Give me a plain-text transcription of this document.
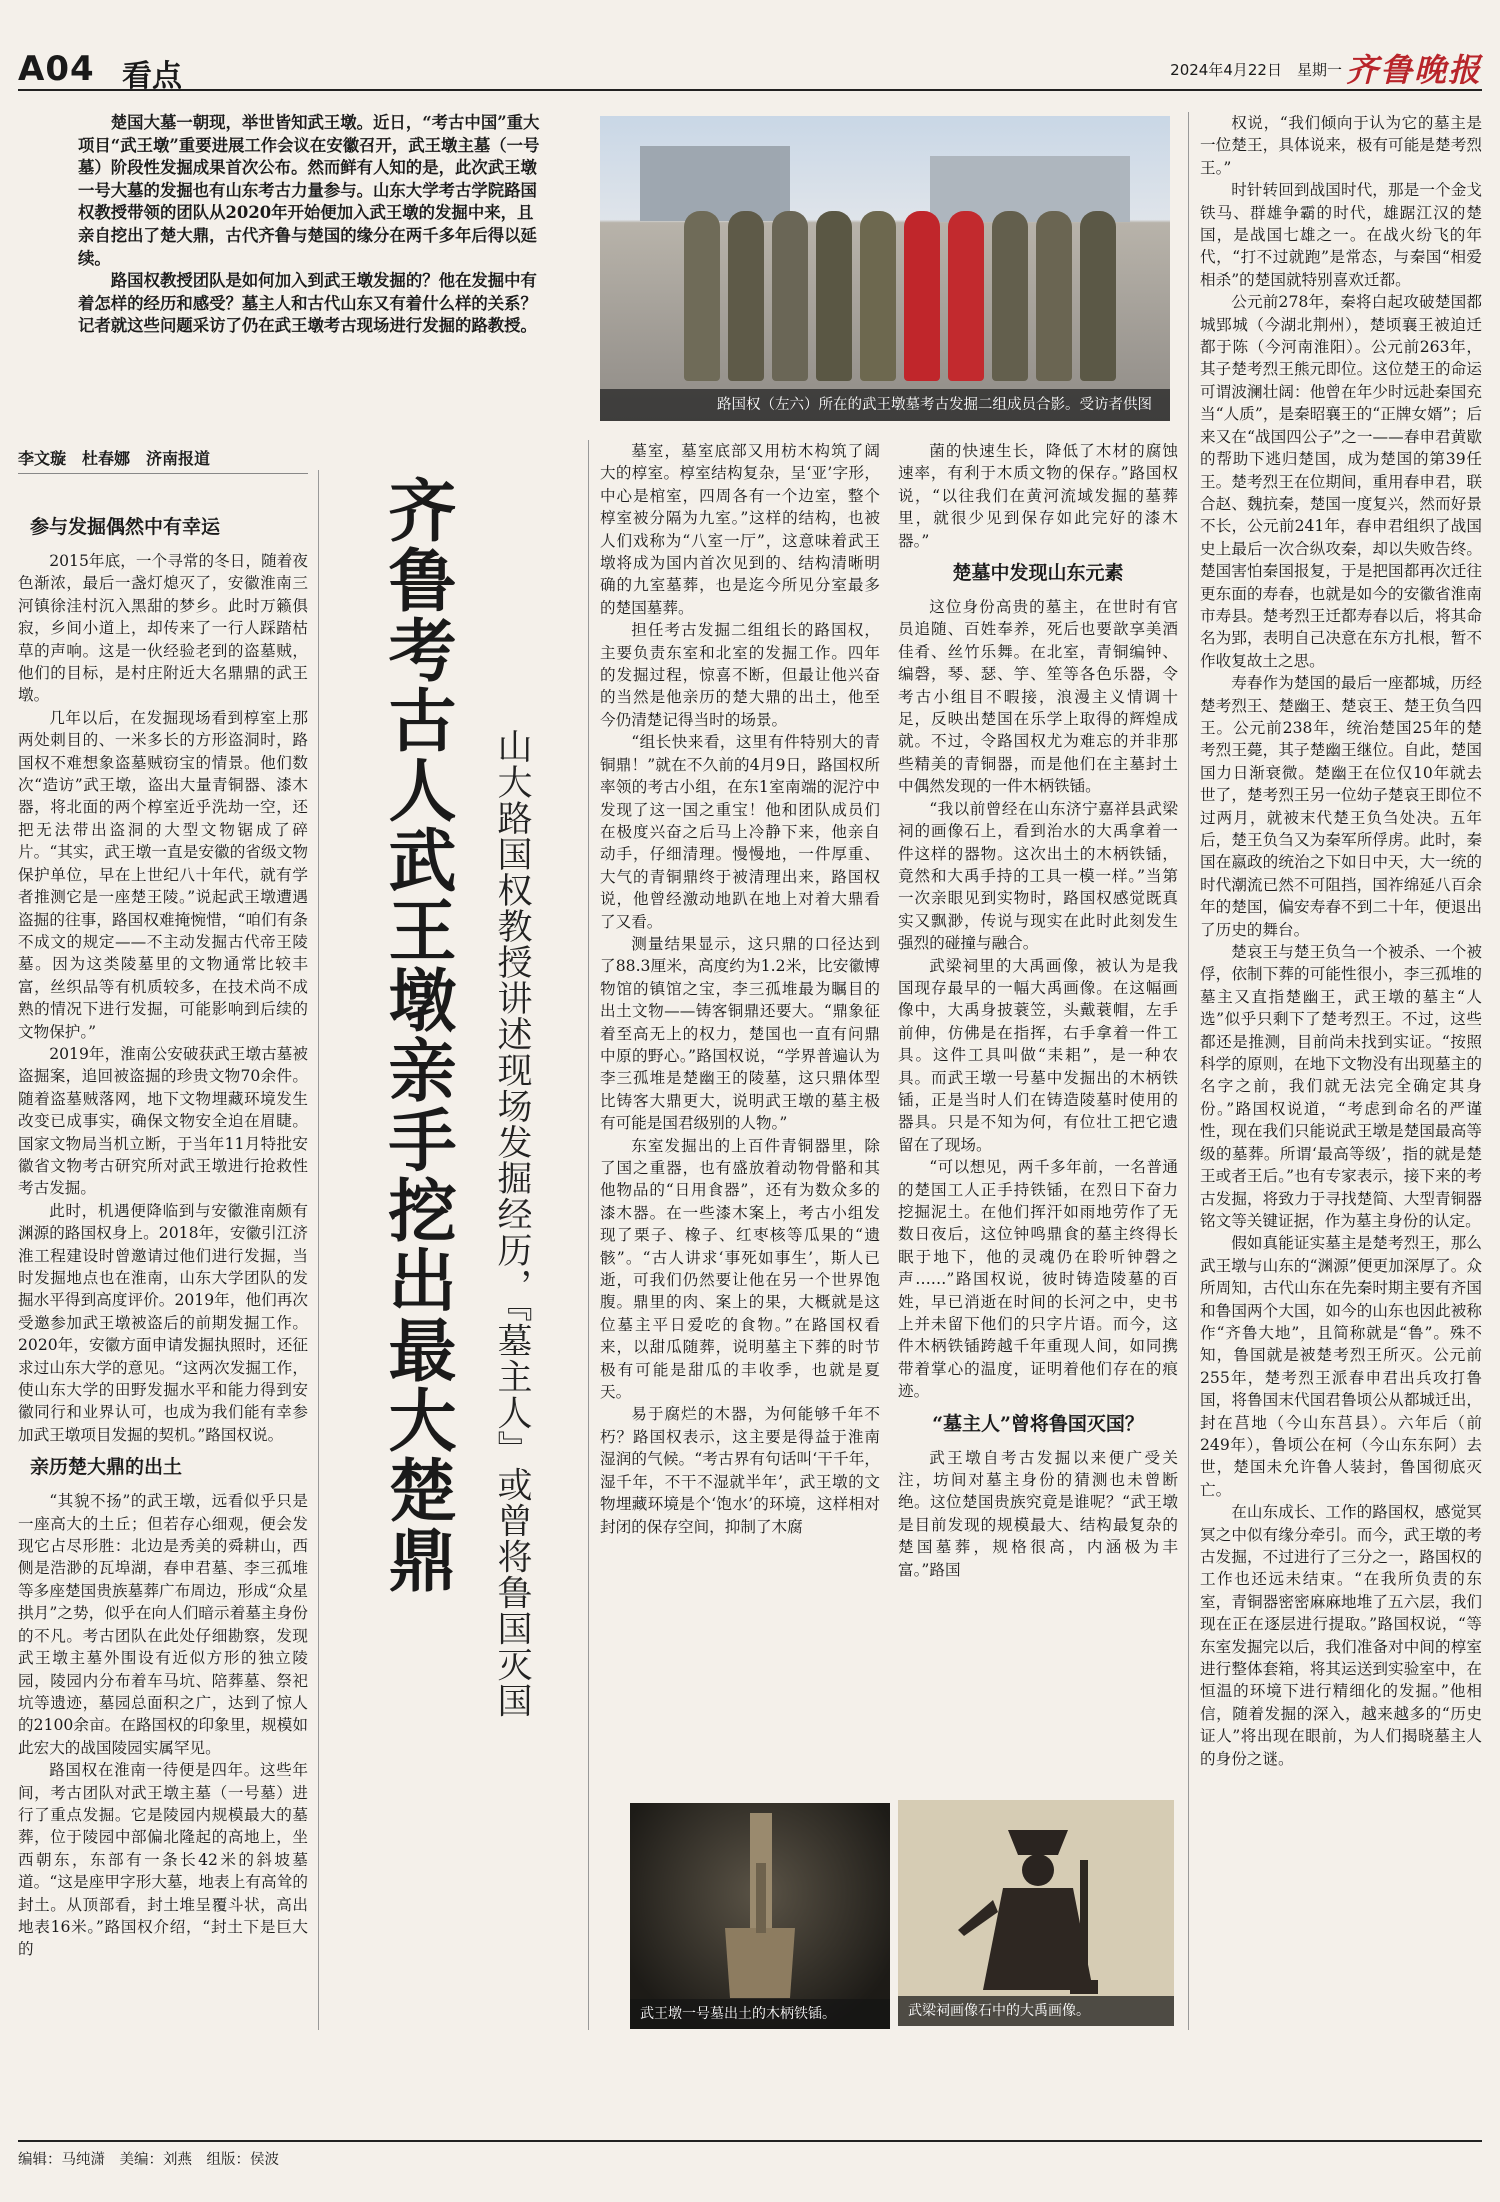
A04 看点	2024年4月22日　 星期一 齐鲁晚报

楚国大墓一朝现，举世皆知武王墩。近日，“考古中国”重大项目“武王墩”重要进展工作会议在安徽召开，武王墩主墓（一号墓）阶段性发掘成果首次公布。然而鲜有人知的是，此次武王墩一号大墓的发掘也有山东考古力量参与。山东大学考古学院路国权教授带领的团队从2020年开始便加入武王墩的发掘中来，且亲自挖出了楚大鼎，古代齐鲁与楚国的缘分在两千多年后得以延续。

路国权教授团队是如何加入到武王墩发掘的？他在发掘中有着怎样的经历和感受？墓主人和古代山东又有着什么样的关系？记者就这些问题采访了仍在武王墩考古现场进行发掘的路教授。

路国权（左六）所在的武王墩墓考古发掘二组成员合影。受访者供图
李文璇　杜春娜　济南报道
参与发掘偶然中有幸运

2015年底，一个寻常的冬日，随着夜色渐浓，最后一盏灯熄灭了，安徽淮南三河镇徐洼村沉入黑甜的梦乡。此时万籁俱寂，乡间小道上，却传来了一行人踩踏枯草的声响。这是一伙经验老到的盗墓贼，他们的目标，是村庄附近大名鼎鼎的武王墩。

几年以后，在发掘现场看到椁室上那两处刺目的、一米多长的方形盗洞时，路国权不难想象盗墓贼窃宝的情景。他们数次“造访”武王墩，盗出大量青铜器、漆木器，将北面的两个椁室近乎洗劫一空，还把无法带出盗洞的大型文物锯成了碎片。“其实，武王墩一直是安徽的省级文物保护单位，早在上世纪八十年代，就有学者推测它是一座楚王陵。”说起武王墩遭遇盗掘的往事，路国权难掩惋惜，“咱们有条不成文的规定——不主动发掘古代帝王陵墓。因为这类陵墓里的文物通常比较丰富，丝织品等有机质较多，在技术尚不成熟的情况下进行发掘，可能影响到后续的文物保护。”

2019年，淮南公安破获武王墩古墓被盗掘案，追回被盗掘的珍贵文物70余件。随着盗墓贼落网，地下文物埋藏环境发生改变已成事实，确保文物安全迫在眉睫。国家文物局当机立断，于当年11月特批安徽省文物考古研究所对武王墩进行抢救性考古发掘。

此时，机遇便降临到与安徽淮南颇有渊源的路国权身上。2018年，安徽引江济淮工程建设时曾邀请过他们进行发掘，当时发掘地点也在淮南，山东大学团队的发掘水平得到高度评价。2019年，他们再次受邀参加武王墩被盗后的前期发掘工作。2020年，安徽方面申请发掘执照时，还征求过山东大学的意见。“这两次发掘工作，使山东大学的田野发掘水平和能力得到安徽同行和业界认可，也成为我们能有幸参加武王墩项目发掘的契机。”路国权说。

亲历楚大鼎的出土

“其貌不扬”的武王墩，远看似乎只是一座高大的土丘；但若存心细观，便会发现它占尽形胜：北边是秀美的舜耕山，西侧是浩渺的瓦埠湖，春申君墓、李三孤堆等多座楚国贵族墓葬广布周边，形成“众星拱月”之势，似乎在向人们暗示着墓主身份的不凡。考古团队在此处仔细勘察，发现武王墩主墓外围设有近似方形的独立陵园，陵园内分布着车马坑、陪葬墓、祭祀坑等遗迹，墓园总面积之广，达到了惊人的2100余亩。在路国权的印象里，规模如此宏大的战国陵园实属罕见。

路国权在淮南一待便是四年。这些年间，考古团队对武王墩主墓（一号墓）进行了重点发掘。它是陵园内规模最大的墓葬，位于陵园中部偏北隆起的高地上，坐西朝东，东部有一条长42米的斜坡墓道。“这是座甲字形大墓，地表上有高耸的封土。从顶部看，封土堆呈覆斗状，高出地表16米。”路国权介绍，“封土下是巨大的

齐鲁考古人武王墩亲手挖出最大楚鼎 山大路国权教授讲述现场发掘经历，『墓主人』或曾将鲁国灭国

墓室，墓室底部又用枋木构筑了阔大的椁室。椁室结构复杂，呈‘亚’字形，中心是棺室，四周各有一个边室，整个椁室被分隔为九室。”这样的结构，也被人们戏称为“八室一厅”，这意味着武王墩将成为国内首次见到的、结构清晰明确的九室墓葬，也是迄今所见分室最多的楚国墓葬。

担任考古发掘二组组长的路国权，主要负责东室和北室的发掘工作。四年的发掘过程，惊喜不断，但最让他兴奋的当然是他亲历的楚大鼎的出土，他至今仍清楚记得当时的场景。

“组长快来看，这里有件特别大的青铜鼎！”就在不久前的4月9日，路国权所率领的考古小组，在东1室南端的泥泞中发现了这一国之重宝！他和团队成员们在极度兴奋之后马上冷静下来，他亲自动手，仔细清理。慢慢地，一件厚重、大气的青铜鼎终于被清理出来，路国权说，他曾经激动地趴在地上对着大鼎看了又看。

测量结果显示，这只鼎的口径达到了88.3厘米，高度约为1.2米，比安徽博物馆的镇馆之宝，李三孤堆最为瞩目的出土文物——铸客铜鼎还要大。“鼎象征着至高无上的权力，楚国也一直有问鼎中原的野心。”路国权说，“学界普遍认为李三孤堆是楚幽王的陵墓，这只鼎体型比铸客大鼎更大，说明武王墩的墓主极有可能是国君级别的人物。”

东室发掘出的上百件青铜器里，除了国之重器，也有盛放着动物骨骼和其他物品的“日用食器”，还有为数众多的漆木器。在一些漆木案上，考古小组发现了栗子、橡子、红枣核等瓜果的“遗骸”。“古人讲求‘事死如事生’，斯人已逝，可我们仍然要让他在另一个世界饱腹。鼎里的肉、案上的果，大概就是这位墓主平日爱吃的食物。”在路国权看来，以甜瓜随葬，说明墓主下葬的时节极有可能是甜瓜的丰收季，也就是夏天。

易于腐烂的木器，为何能够千年不朽？路国权表示，这主要是得益于淮南湿润的气候。“考古界有句话叫‘干千年，湿千年，不干不湿就半年’，武王墩的文物埋藏环境是个‘饱水’的环境，这样相对封闭的保存空间，抑制了木腐

菌的快速生长，降低了木材的腐蚀速率，有利于木质文物的保存。”路国权说，“以往我们在黄河流域发掘的墓葬里，就很少见到保存如此完好的漆木器。”

楚墓中发现山东元素

这位身份高贵的墓主，在世时有官员追随、百姓奉养，死后也要歆享美酒佳肴、丝竹乐舞。在北室，青铜编钟、编磬，琴、瑟、竽、笙等各色乐器，令考古小组目不暇接，浪漫主义情调十足，反映出楚国在乐学上取得的辉煌成就。不过，令路国权尤为难忘的并非那些精美的青铜器，而是他们在主墓封土中偶然发现的一件木柄铁锸。

“我以前曾经在山东济宁嘉祥县武梁祠的画像石上，看到治水的大禹拿着一件这样的器物。这次出土的木柄铁锸，竟然和大禹手持的工具一模一样。”当第一次亲眼见到实物时，路国权感觉既真实又飘渺，传说与现实在此时此刻发生强烈的碰撞与融合。

武梁祠里的大禹画像，被认为是我国现存最早的一幅大禹画像。在这幅画像中，大禹身披蓑笠，头戴蓑帽，左手前伸，仿佛是在指挥，右手拿着一件工具。这件工具叫做“耒耜”，是一种农具。而武王墩一号墓中发掘出的木柄铁锸，正是当时人们在铸造陵墓时使用的器具。只是不知为何，有位壮工把它遗留在了现场。

“可以想见，两千多年前，一名普通的楚国工人正手持铁锸，在烈日下奋力挖掘泥土。在他们挥汗如雨地劳作了无数日夜后，这位钟鸣鼎食的墓主终得长眠于地下，他的灵魂仍在聆听钟磬之声……”路国权说，彼时铸造陵墓的百姓，早已消逝在时间的长河之中，史书上并未留下他们的只字片语。而今，这件木柄铁锸跨越千年重现人间，如同携带着掌心的温度，证明着他们存在的痕迹。

“墓主人”曾将鲁国灭国？

武王墩自考古发掘以来便广受关注，坊间对墓主身份的猜测也未曾断绝。这位楚国贵族究竟是谁呢？“武王墩是目前发现的规模最大、结构最复杂的楚国墓葬，规格很高，内涵极为丰富。”路国

权说，“我们倾向于认为它的墓主是一位楚王，具体说来，极有可能是楚考烈王。”

时针转回到战国时代，那是一个金戈铁马、群雄争霸的时代，雄踞江汉的楚国，是战国七雄之一。在战火纷飞的年代，“打不过就跑”是常态，与秦国“相爱相杀”的楚国就特别喜欢迁都。

公元前278年，秦将白起攻破楚国都城郢城（今湖北荆州），楚顷襄王被迫迁都于陈（今河南淮阳）。公元前263年，其子楚考烈王熊元即位。这位楚王的命运可谓波澜壮阔：他曾在年少时远赴秦国充当“人质”，是秦昭襄王的“正牌女婿”；后来又在“战国四公子”之一——春申君黄歇的帮助下逃归楚国，成为楚国的第39任王。楚考烈王在位期间，重用春申君，联合赵、魏抗秦，楚国一度复兴，然而好景不长，公元前241年，春申君组织了战国史上最后一次合纵攻秦，却以失败告终。楚国害怕秦国报复，于是把国都再次迁往更东面的寿春，也就是如今的安徽省淮南市寿县。楚考烈王迁都寿春以后，将其命名为郢，表明自己决意在东方扎根，暂不作收复故土之思。

寿春作为楚国的最后一座都城，历经楚考烈王、楚幽王、楚哀王、楚王负刍四王。公元前238年，统治楚国25年的楚考烈王薨，其子楚幽王继位。自此，楚国国力日渐衰微。楚幽王在位仅10年就去世了，楚考烈王另一位幼子楚哀王即位不过两月，就被末代楚王负刍处决。五年后，楚王负刍又为秦军所俘虏。此时，秦国在嬴政的统治之下如日中天，大一统的时代潮流已然不可阻挡，国祚绵延八百余年的楚国，偏安寿春不到二十年，便退出了历史的舞台。

楚哀王与楚王负刍一个被杀、一个被俘，依制下葬的可能性很小，李三孤堆的墓主又直指楚幽王，武王墩的墓主“人选”似乎只剩下了楚考烈王。不过，这些都还是推测，目前尚未找到实证。“按照科学的原则，在地下文物没有出现墓主的名字之前，我们就无法完全确定其身份。”路国权说道，“考虑到命名的严谨性，现在我们只能说武王墩是楚国最高等级的墓葬。所谓‘最高等级’，指的就是楚王或者王后。”也有专家表示，接下来的考古发掘，将致力于寻找楚简、大型青铜器铭文等关键证据，作为墓主身份的认定。

假如真能证实墓主是楚考烈王，那么武王墩与山东的“渊源”便更加深厚了。众所周知，古代山东在先秦时期主要有齐国和鲁国两个大国，如今的山东也因此被称作“齐鲁大地”，且简称就是“鲁”。殊不知，鲁国就是被楚考烈王所灭。公元前255年，楚考烈王派春申君出兵攻打鲁国，将鲁国末代国君鲁顷公从都城迁出，封在莒地（今山东莒县）。六年后（前249年），鲁顷公在柯（今山东东阿）去世，楚国未允许鲁人装封，鲁国彻底灭亡。

在山东成长、工作的路国权，感觉冥冥之中似有缘分牵引。而今，武王墩的考古发掘，不过进行了三分之一，路国权的工作也还远未结束。“在我所负责的东室，青铜器密密麻麻地堆了五六层，我们现在正在逐层进行提取。”路国权说，“等东室发掘完以后，我们准备对中间的椁室进行整体套箱，将其运送到实验室中，在恒温的环境下进行精细化的发掘。”他相信，随着发掘的深入，越来越多的“历史证人”将出现在眼前，为人们揭晓墓主人的身份之谜。

武王墩一号墓出土的木柄铁锸。	武梁祠画像石中的大禹画像。
编辑：马纯潇　 美编：刘燕　 组版：侯波
